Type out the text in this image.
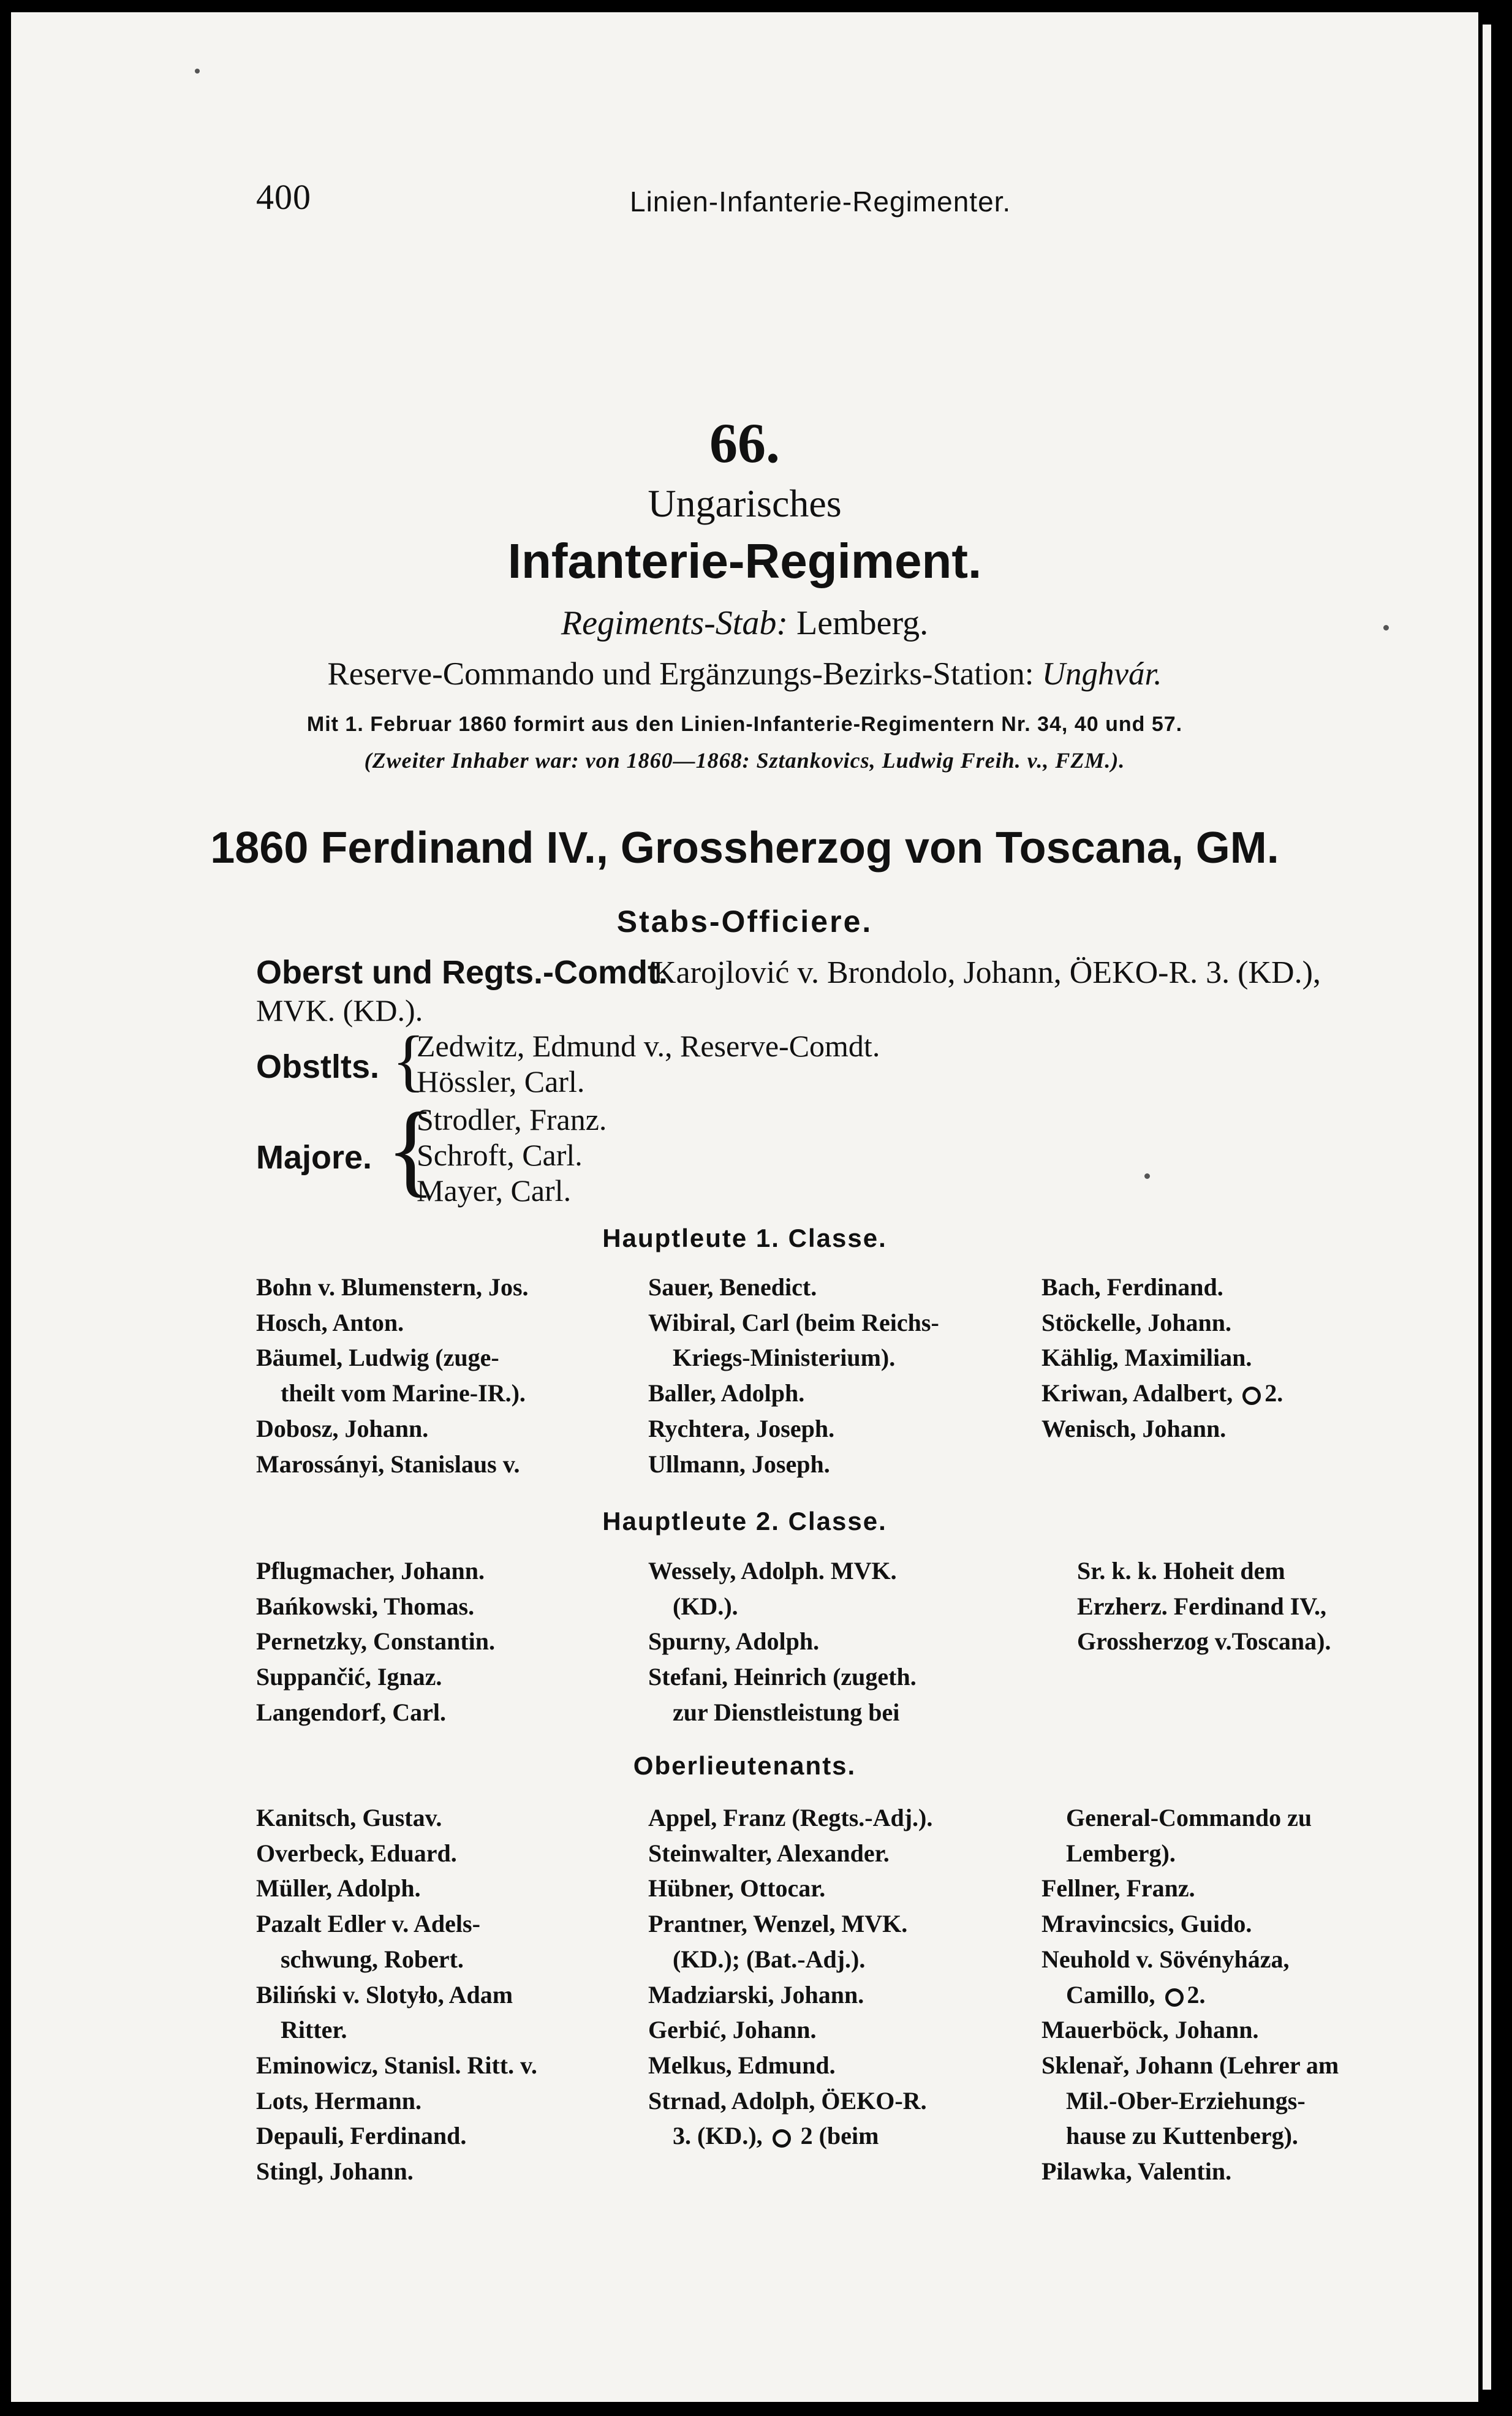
400	Linien-Infanterie-Regimenter.
66.
Ungarisches
Infanterie-Regiment.
Regiments-Stab: Lemberg.
Reserve-Commando und Ergänzungs-Bezirks-Station: Unghvár.
Mit 1. Februar 1860 formirt aus den Linien-Infanterie-Regimentern Nr. 34, 40 und 57.
(Zweiter Inhaber war: von 1860—1868: Sztankovics, Ludwig Freih. v., FZM.).
1860 Ferdinand IV., Grossherzog von Toscana, GM.
Stabs-Officiere.
Oberst und Regts.-Comdt.
Karojlović v. Brondolo, Johann, ÖEKO-R. 3. (KD.),
MVK. (KD.).
Obstlts. {
Zedwitz, Edmund v., Reserve-Comdt.
Hössler, Carl.
Majore. {
Strodler, Franz.
Schroft, Carl.
Mayer, Carl.
Hauptleute 1. Classe.
Bohn v. Blumenstern, Jos.
Hosch, Anton.
Bäumel, Ludwig (zuge-
theilt vom Marine-IR.).
Dobosz, Johann.
Marossányi, Stanislaus v.
Sauer, Benedict.
Wibiral, Carl (beim Reichs-
Kriegs-Ministerium).
Baller, Adolph.
Rychtera, Joseph.
Ullmann, Joseph.
Bach, Ferdinand.
Stöckelle, Johann.
Kählig, Maximilian.
Kriwan, Adalbert, 2.
Wenisch, Johann.
Hauptleute 2. Classe.
Pflugmacher, Johann.
Bańkowski, Thomas.
Pernetzky, Constantin.
Suppančić, Ignaz.
Langendorf, Carl.
Wessely, Adolph. MVK.
(KD.).
Spurny, Adolph.
Stefani, Heinrich (zugeth.
zur Dienstleistung bei
Sr. k. k. Hoheit dem
Erzherz. Ferdinand IV.,
Grossherzog v.Toscana).
Oberlieutenants.
Kanitsch, Gustav.
Overbeck, Eduard.
Müller, Adolph.
Pazalt Edler v. Adels-
schwung, Robert.
Biliński v. Slotyło, Adam
Ritter.
Eminowicz, Stanisl. Ritt. v.
Lots, Hermann.
Depauli, Ferdinand.
Stingl, Johann.
Appel, Franz (Regts.-Adj.).
Steinwalter, Alexander.
Hübner, Ottocar.
Prantner, Wenzel, MVK.
(KD.); (Bat.-Adj.).
Madziarski, Johann.
Gerbić, Johann.
Melkus, Edmund.
Strnad, Adolph, ÖEKO-R.
3. (KD.), 2 (beim
General-Commando zu
Lemberg).
Fellner, Franz.
Mravincsics, Guido.
Neuhold v. Sövényháza,
Camillo, 2.
Mauerböck, Johann.
Sklenař, Johann (Lehrer am
Mil.-Ober-Erziehungs-
hause zu Kuttenberg).
Pilawka, Valentin.
